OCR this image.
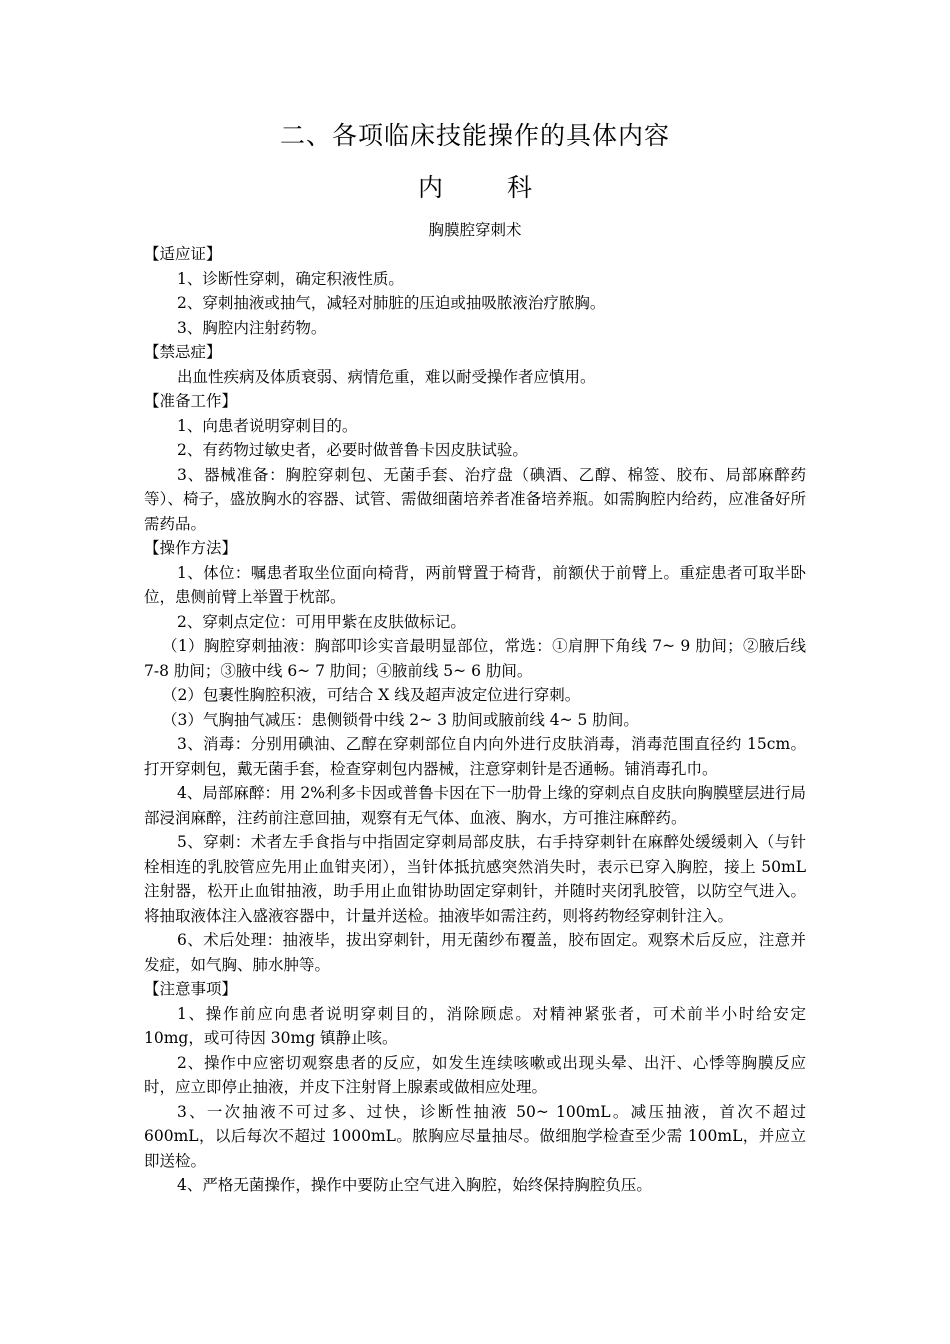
二、各项临床技能操作的具体内容
内 科
胸膜腔穿刺术

【适应证】

1、诊断性穿刺，确定积液性质。

2、穿刺抽液或抽气，减轻对肺脏的压迫或抽吸脓液治疗脓胸。

3、胸腔内注射药物。

【禁忌症】

出血性疾病及体质衰弱、病情危重，难以耐受操作者应慎用。

【准备工作】

1、向患者说明穿刺目的。

2、有药物过敏史者，必要时做普鲁卡因皮肤试验。

3、器械准备：胸腔穿刺包、无菌手套、治疗盘（碘酒、乙醇、棉签、胶布、局部麻醉药等）、椅子，盛放胸水的容器、试管、需做细菌培养者准备培养瓶。如需胸腔内给药，应准备好所需药品。

【操作方法】

1、体位：嘱患者取坐位面向椅背，两前臂置于椅背，前额伏于前臂上。重症患者可取半卧位，患侧前臂上举置于枕部。

2、穿刺点定位：可用甲紫在皮肤做标记。

（1）胸腔穿刺抽液：胸部叩诊实音最明显部位，常选：①肩胛下角线 7~ 9 肋间；②腋后线 7-8 肋间；③腋中线 6~ 7 肋间；④腋前线 5~ 6 肋间。

（2）包裹性胸腔积液，可结合 X 线及超声波定位进行穿刺。

（3）气胸抽气减压：患侧锁骨中线 2~ 3 肋间或腋前线 4~ 5 肋间。

3、消毒：分别用碘油、乙醇在穿刺部位自内向外进行皮肤消毒，消毒范围直径约 15cm。打开穿刺包，戴无菌手套，检查穿刺包内器械，注意穿刺针是否通畅。铺消毒孔巾。

4、局部麻醉：用 2%利多卡因或普鲁卡因在下一肋骨上缘的穿刺点自皮肤向胸膜壁层进行局部浸润麻醉，注药前注意回抽，观察有无气体、血液、胸水，方可推注麻醉药。

5、穿刺：术者左手食指与中指固定穿刺局部皮肤，右手持穿刺针在麻醉处缓缓刺入（与针栓相连的乳胶管应先用止血钳夹闭），当针体抵抗感突然消失时，表示已穿入胸腔，接上 50mL 注射器，松开止血钳抽液，助手用止血钳协助固定穿刺针，并随时夹闭乳胶管，以防空气进入。将抽取液体注入盛液容器中，计量并送检。抽液毕如需注药，则将药物经穿刺针注入。

6、术后处理：抽液毕，拔出穿刺针，用无菌纱布覆盖，胶布固定。观察术后反应，注意并发症，如气胸、肺水肿等。

【注意事项】

1、操作前应向患者说明穿刺目的，消除顾虑。对精神紧张者，可术前半小时给安定 10mg，或可待因 30mg 镇静止咳。

2、操作中应密切观察患者的反应，如发生连续咳嗽或出现头晕、出汗、心悸等胸膜反应时，应立即停止抽液，并皮下注射肾上腺素或做相应处理。

3、一次抽液不可过多、过快，诊断性抽液 50~ 100mL。减压抽液，首次不超过 600mL，以后每次不超过 1000mL。脓胸应尽量抽尽。做细胞学检查至少需 100mL，并应立即送检。

4、严格无菌操作，操作中要防止空气进入胸腔，始终保持胸腔负压。
